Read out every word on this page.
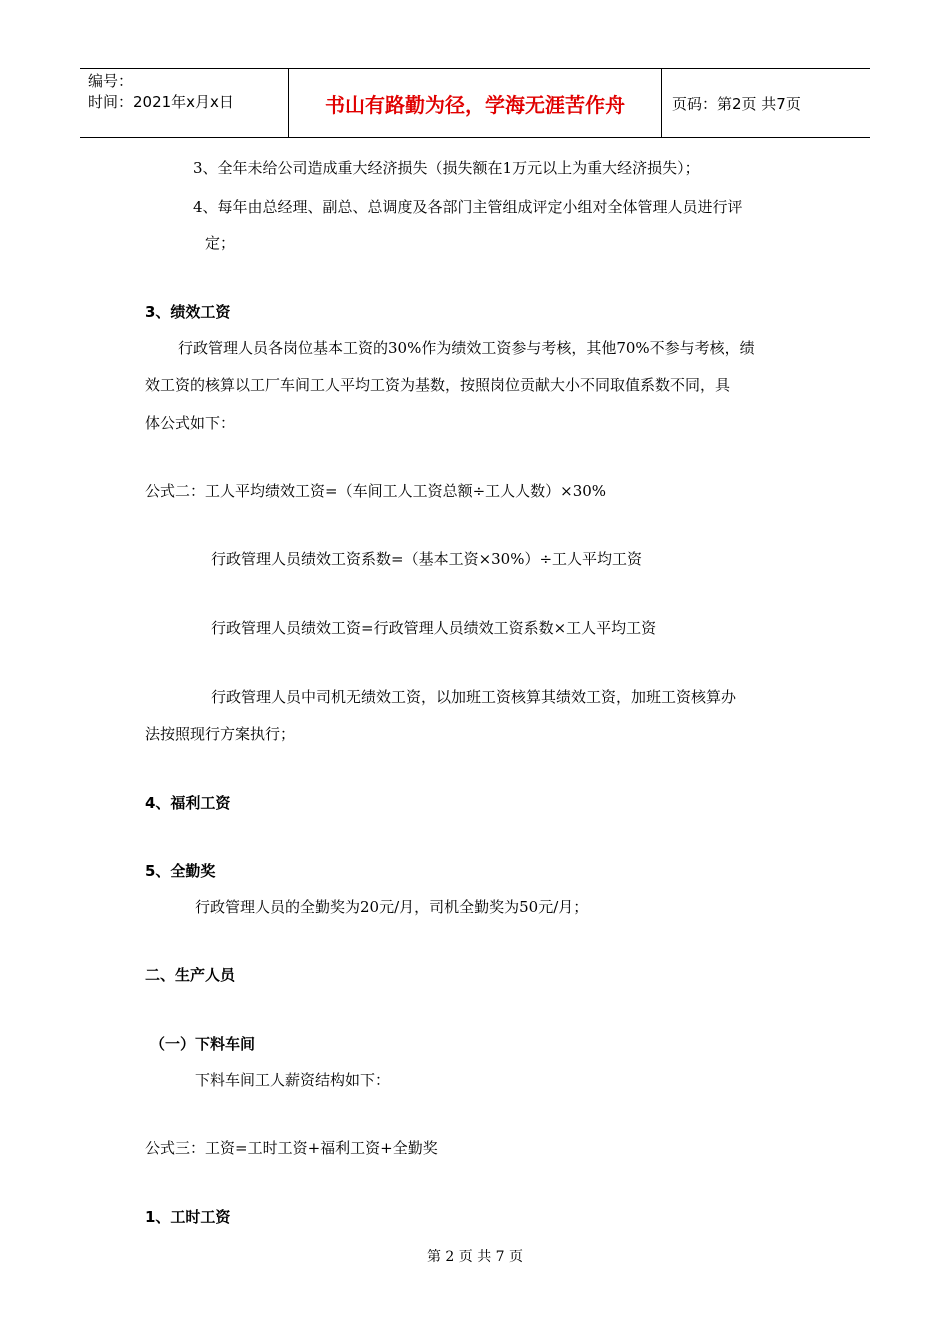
编号：
时间：2021年x月x日	书山有路勤为径，学海无涯苦作舟	页码：第2页 共7页
3、全年未给公司造成重大经济损失（损失额在1万元以上为重大经济损失）；
4、每年由总经理、副总、总调度及各部门主管组成评定小组对全体管理人员进行评
定；
3、绩效工资
行政管理人员各岗位基本工资的30%作为绩效工资参与考核，其他70%不参与考核，绩
效工资的核算以工厂车间工人平均工资为基数，按照岗位贡献大小不同取值系数不同，具
体公式如下：
公式二：工人平均绩效工资=（车间工人工资总额÷工人人数）×30%
行政管理人员绩效工资系数=（基本工资×30%）÷工人平均工资
行政管理人员绩效工资=行政管理人员绩效工资系数×工人平均工资
行政管理人员中司机无绩效工资，以加班工资核算其绩效工资，加班工资核算办
法按照现行方案执行；
4、福利工资
5、全勤奖
行政管理人员的全勤奖为20元/月，司机全勤奖为50元/月；
二、生产人员
（一）下料车间
下料车间工人薪资结构如下：
公式三：工资=工时工资+福利工资+全勤奖
1、工时工资
第 2 页 共 7 页
